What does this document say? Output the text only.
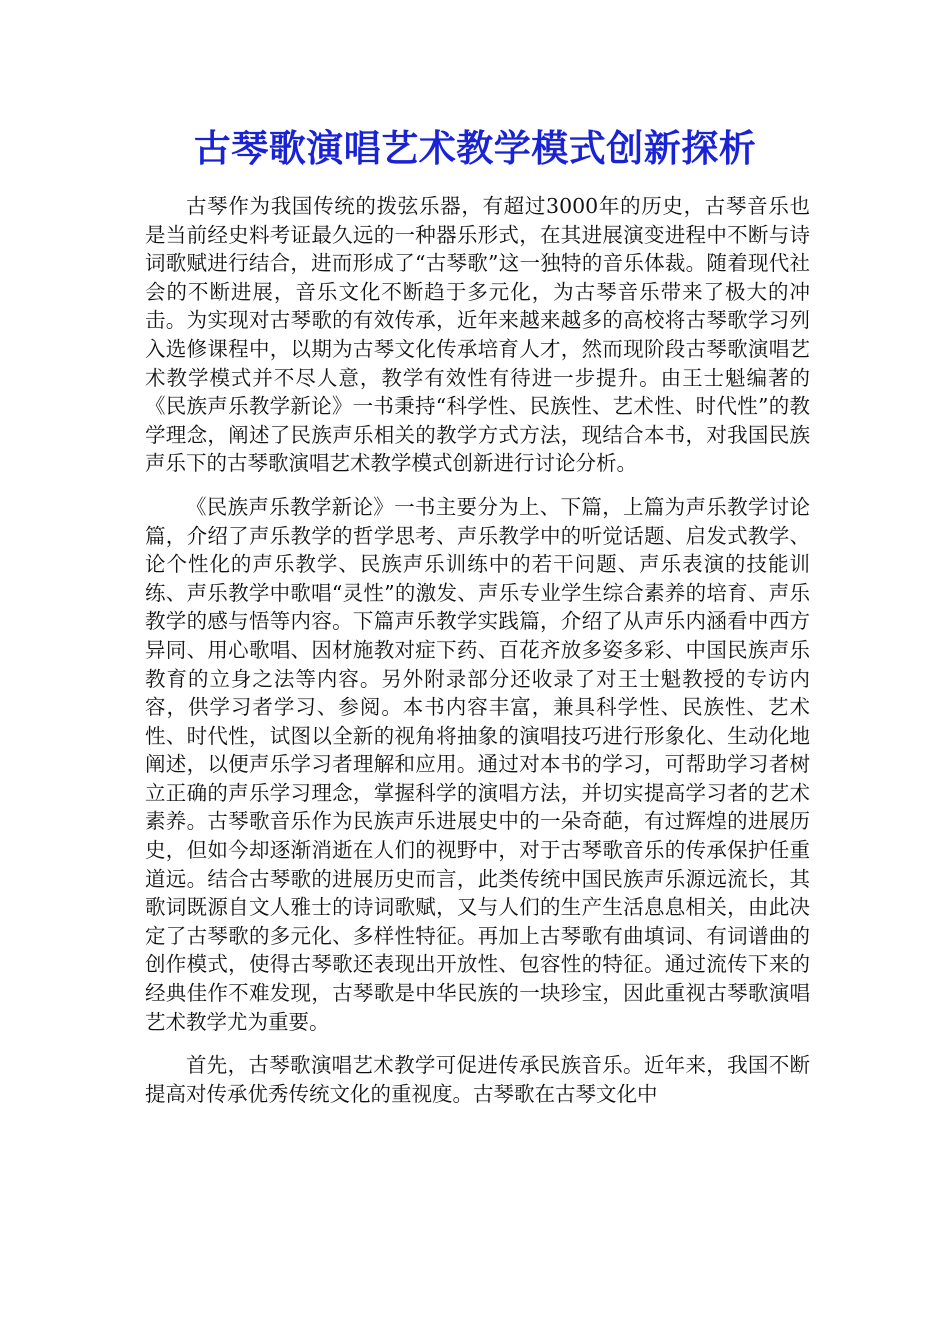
古琴歌演唱艺术教学模式创新探析

古琴作为我国传统的拨弦乐器，有超过3000年的历史，古琴音乐也是当前经史料考证最久远的一种器乐形式，在其进展演变进程中不断与诗词歌赋进行结合，进而形成了“古琴歌”这一独特的音乐体裁。随着现代社会的不断进展，音乐文化不断趋于多元化，为古琴音乐带来了极大的冲击。为实现对古琴歌的有效传承，近年来越来越多的高校将古琴歌学习列入选修课程中，以期为古琴文化传承培育人才，然而现阶段古琴歌演唱艺术教学模式并不尽人意，教学有效性有待进一步提升。由王士魁编著的《民族声乐教学新论》一书秉持“科学性、民族性、艺术性、时代性”的教学理念，阐述了民族声乐相关的教学方式方法，现结合本书，对我国民族声乐下的古琴歌演唱艺术教学模式创新进行讨论分析。

《民族声乐教学新论》一书主要分为上、下篇，上篇为声乐教学讨论篇，介绍了声乐教学的哲学思考、声乐教学中的听觉话题、启发式教学、论个性化的声乐教学、民族声乐训练中的若干问题、声乐表演的技能训练、声乐教学中歌唱“灵性”的激发、声乐专业学生综合素养的培育、声乐教学的感与悟等内容。下篇声乐教学实践篇，介绍了从声乐内涵看中西方异同、用心歌唱、因材施教对症下药、百花齐放多姿多彩、中国民族声乐教育的立身之法等内容。另外附录部分还收录了对王士魁教授的专访内容，供学习者学习、参阅。本书内容丰富，兼具科学性、民族性、艺术性、时代性，试图以全新的视角将抽象的演唱技巧进行形象化、生动化地阐述，以便声乐学习者理解和应用。通过对本书的学习，可帮助学习者树立正确的声乐学习理念，掌握科学的演唱方法，并切实提高学习者的艺术素养。古琴歌音乐作为民族声乐进展史中的一朵奇葩，有过辉煌的进展历史，但如今却逐渐消逝在人们的视野中，对于古琴歌音乐的传承保护任重道远。结合古琴歌的进展历史而言，此类传统中国民族声乐源远流长，其歌词既源自文人雅士的诗词歌赋，又与人们的生产生活息息相关，由此决定了古琴歌的多元化、多样性特征。再加上古琴歌有曲填词、有词谱曲的创作模式，使得古琴歌还表现出开放性、包容性的特征。通过流传下来的经典佳作不难发现，古琴歌是中华民族的一块珍宝，因此重视古琴歌演唱艺术教学尤为重要。

首先，古琴歌演唱艺术教学可促进传承民族音乐。近年来，我国不断提高对传承优秀传统文化的重视度。古琴歌在古琴文化中
